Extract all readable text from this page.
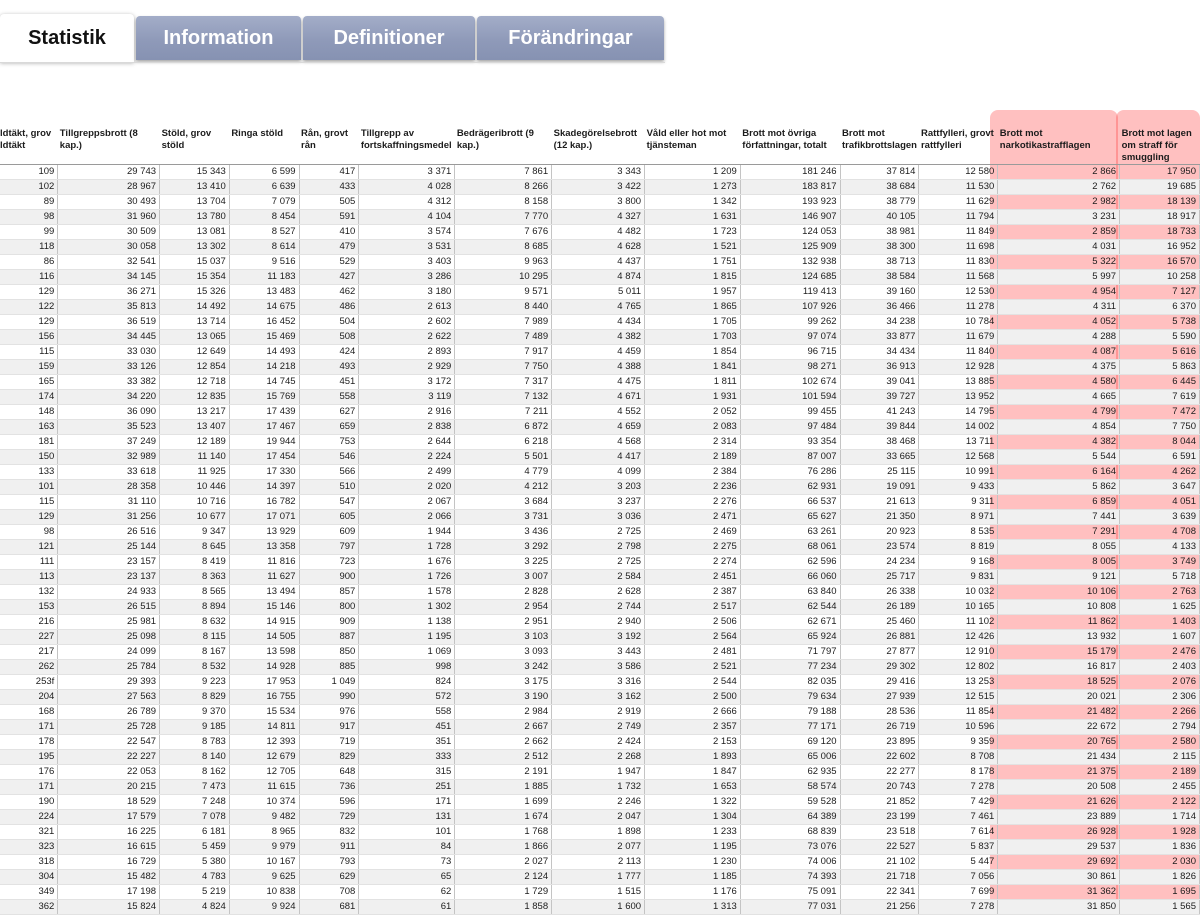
Statistik	Information	Definitioner	Förändringar
ldtäkt, grov ldtäkt	Tillgreppsbrott (8 kap.)	Stöld, grov stöld	Ringa stöld	Rån, grovt rån	Tillgrepp av fortskaffningsmedel	Bedrägeribrott (9 kap.)	Skadegörelsebrott (12 kap.)	Våld eller hot mot tjänsteman	Brott mot övriga författningar, totalt	Brott mot trafikbrottslagen	Rattfylleri, grovt rattfylleri	Brott mot narkotikastrafflagen	Brott mot lagen om straff för smuggling
109	29 743	15 343	6 599	417	3 371	7 861	3 343	1 209	181 246	37 814	12 580	2 866	17 950
102	28 967	13 410	6 639	433	4 028	8 266	3 422	1 273	183 817	38 684	11 530	2 762	19 685
89	30 493	13 704	7 079	505	4 312	8 158	3 800	1 342	193 923	38 779	11 629	2 982	18 139
98	31 960	13 780	8 454	591	4 104	7 770	4 327	1 631	146 907	40 105	11 794	3 231	18 917
99	30 509	13 081	8 527	410	3 574	7 676	4 482	1 723	124 053	38 981	11 849	2 859	18 733
118	30 058	13 302	8 614	479	3 531	8 685	4 628	1 521	125 909	38 300	11 698	4 031	16 952
86	32 541	15 037	9 516	529	3 403	9 963	4 437	1 751	132 938	38 713	11 830	5 322	16 570
116	34 145	15 354	11 183	427	3 286	10 295	4 874	1 815	124 685	38 584	11 568	5 997	10 258
129	36 271	15 326	13 483	462	3 180	9 571	5 011	1 957	119 413	39 160	12 530	4 954	7 127
122	35 813	14 492	14 675	486	2 613	8 440	4 765	1 865	107 926	36 466	11 278	4 311	6 370
129	36 519	13 714	16 452	504	2 602	7 989	4 434	1 705	99 262	34 238	10 784	4 052	5 738
156	34 445	13 065	15 469	508	2 622	7 489	4 382	1 703	97 074	33 877	11 679	4 288	5 590
115	33 030	12 649	14 493	424	2 893	7 917	4 459	1 854	96 715	34 434	11 840	4 087	5 616
159	33 126	12 854	14 218	493	2 929	7 750	4 388	1 841	98 271	36 913	12 928	4 375	5 863
165	33 382	12 718	14 745	451	3 172	7 317	4 475	1 811	102 674	39 041	13 885	4 580	6 445
174	34 220	12 835	15 769	558	3 119	7 132	4 671	1 931	101 594	39 727	13 952	4 665	7 619
148	36 090	13 217	17 439	627	2 916	7 211	4 552	2 052	99 455	41 243	14 795	4 799	7 472
163	35 523	13 407	17 467	659	2 838	6 872	4 659	2 083	97 484	39 844	14 002	4 854	7 750
181	37 249	12 189	19 944	753	2 644	6 218	4 568	2 314	93 354	38 468	13 711	4 382	8 044
150	32 989	11 140	17 454	546	2 224	5 501	4 417	2 189	87 007	33 665	12 568	5 544	6 591
133	33 618	11 925	17 330	566	2 499	4 779	4 099	2 384	76 286	25 115	10 991	6 164	4 262
101	28 358	10 446	14 397	510	2 020	4 212	3 203	2 236	62 931	19 091	9 433	5 862	3 647
115	31 110	10 716	16 782	547	2 067	3 684	3 237	2 276	66 537	21 613	9 311	6 859	4 051
129	31 256	10 677	17 071	605	2 066	3 731	3 036	2 471	65 627	21 350	8 971	7 441	3 639
98	26 516	9 347	13 929	609	1 944	3 436	2 725	2 469	63 261	20 923	8 535	7 291	4 708
121	25 144	8 645	13 358	797	1 728	3 292	2 798	2 275	68 061	23 574	8 819	8 055	4 133
111	23 157	8 419	11 816	723	1 676	3 225	2 725	2 274	62 596	24 234	9 168	8 005	3 749
113	23 137	8 363	11 627	900	1 726	3 007	2 584	2 451	66 060	25 717	9 831	9 121	5 718
132	24 933	8 565	13 494	857	1 578	2 828	2 628	2 387	63 840	26 338	10 032	10 106	2 763
153	26 515	8 894	15 146	800	1 302	2 954	2 744	2 517	62 544	26 189	10 165	10 808	1 625
216	25 981	8 632	14 915	909	1 138	2 951	2 940	2 506	62 671	25 460	11 102	11 862	1 403
227	25 098	8 115	14 505	887	1 195	3 103	3 192	2 564	65 924	26 881	12 426	13 932	1 607
217	24 099	8 167	13 598	850	1 069	3 093	3 443	2 481	71 797	27 877	12 910	15 179	2 476
262	25 784	8 532	14 928	885	998	3 242	3 586	2 521	77 234	29 302	12 802	16 817	2 403
253f	29 393	9 223	17 953	1 049	824	3 175	3 316	2 544	82 035	29 416	13 253	18 525	2 076
204	27 563	8 829	16 755	990	572	3 190	3 162	2 500	79 634	27 939	12 515	20 021	2 306
168	26 789	9 370	15 534	976	558	2 984	2 919	2 666	79 188	28 536	11 854	21 482	2 266
171	25 728	9 185	14 811	917	451	2 667	2 749	2 357	77 171	26 719	10 596	22 672	2 794
178	22 547	8 783	12 393	719	351	2 662	2 424	2 153	69 120	23 895	9 359	20 765	2 580
195	22 227	8 140	12 679	829	333	2 512	2 268	1 893	65 006	22 602	8 708	21 434	2 115
176	22 053	8 162	12 705	648	315	2 191	1 947	1 847	62 935	22 277	8 178	21 375	2 189
171	20 215	7 473	11 615	736	251	1 885	1 732	1 653	58 574	20 743	7 278	20 508	2 455
190	18 529	7 248	10 374	596	171	1 699	2 246	1 322	59 528	21 852	7 429	21 626	2 122
224	17 579	7 078	9 482	729	131	1 674	2 047	1 304	64 389	23 199	7 461	23 889	1 714
321	16 225	6 181	8 965	832	101	1 768	1 898	1 233	68 839	23 518	7 614	26 928	1 928
323	16 615	5 459	9 979	911	84	1 866	2 077	1 195	73 076	22 527	5 837	29 537	1 836
318	16 729	5 380	10 167	793	73	2 027	2 113	1 230	74 006	21 102	5 447	29 692	2 030
304	15 482	4 783	9 625	629	65	2 124	1 777	1 185	74 393	21 718	7 056	30 861	1 826
349	17 198	5 219	10 838	708	62	1 729	1 515	1 176	75 091	22 341	7 699	31 362	1 695
362	15 824	4 824	9 924	681	61	1 858	1 600	1 313	77 031	21 256	7 278	31 850	1 565
